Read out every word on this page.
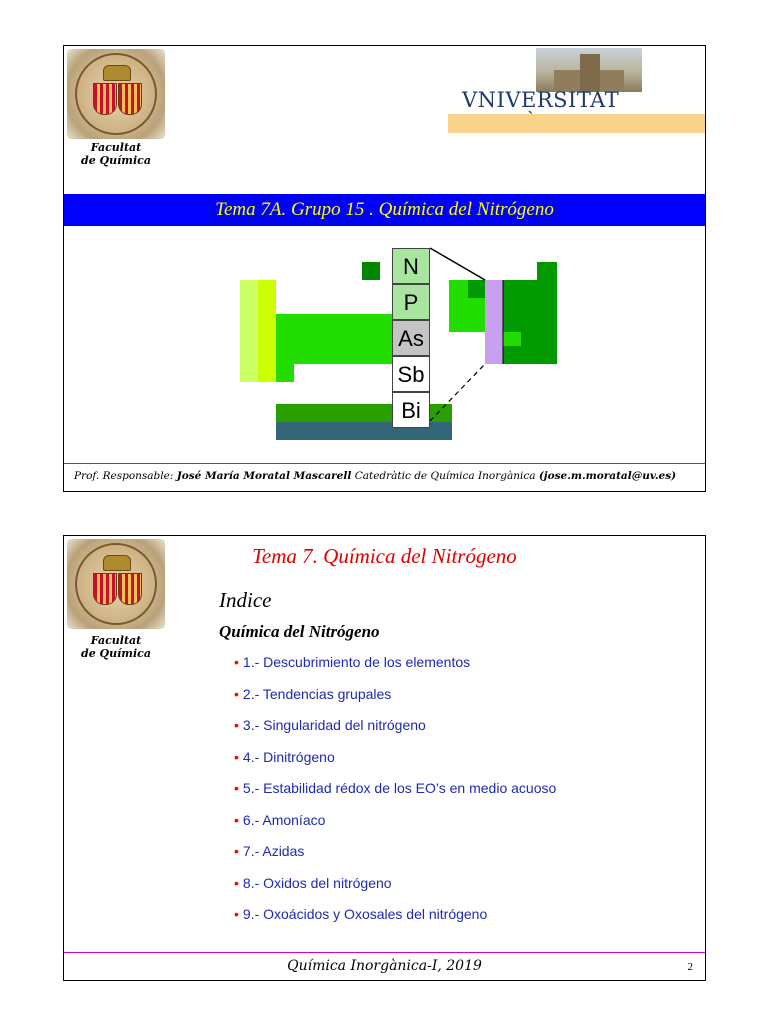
Facultat
de Química
VNIVERSITAT
Tema 7A. Grupo 15 . Química del Nitrógeno
N
P
As
Sb
Bi
Prof. Responsable: José María Moratal Mascarell Catedràtic de Química Inorgànica (jose.m.moratal@uv.es)
Facultat
de Química
Tema 7. Química del Nitrógeno
Indice
Química del Nitrógeno
• 1.- Descubrimiento de los elementos
• 2.- Tendencias grupales
• 3.- Singularidad del nitrógeno
• 4.- Dinitrógeno
• 5.- Estabilidad rédox de los EO’s en medio acuoso
• 6.- Amoníaco
• 7.- Azidas
• 8.- Oxidos del nitrógeno
• 9.- Oxoácidos y Oxosales del nitrógeno
Química Inorgànica-I, 2019	2
